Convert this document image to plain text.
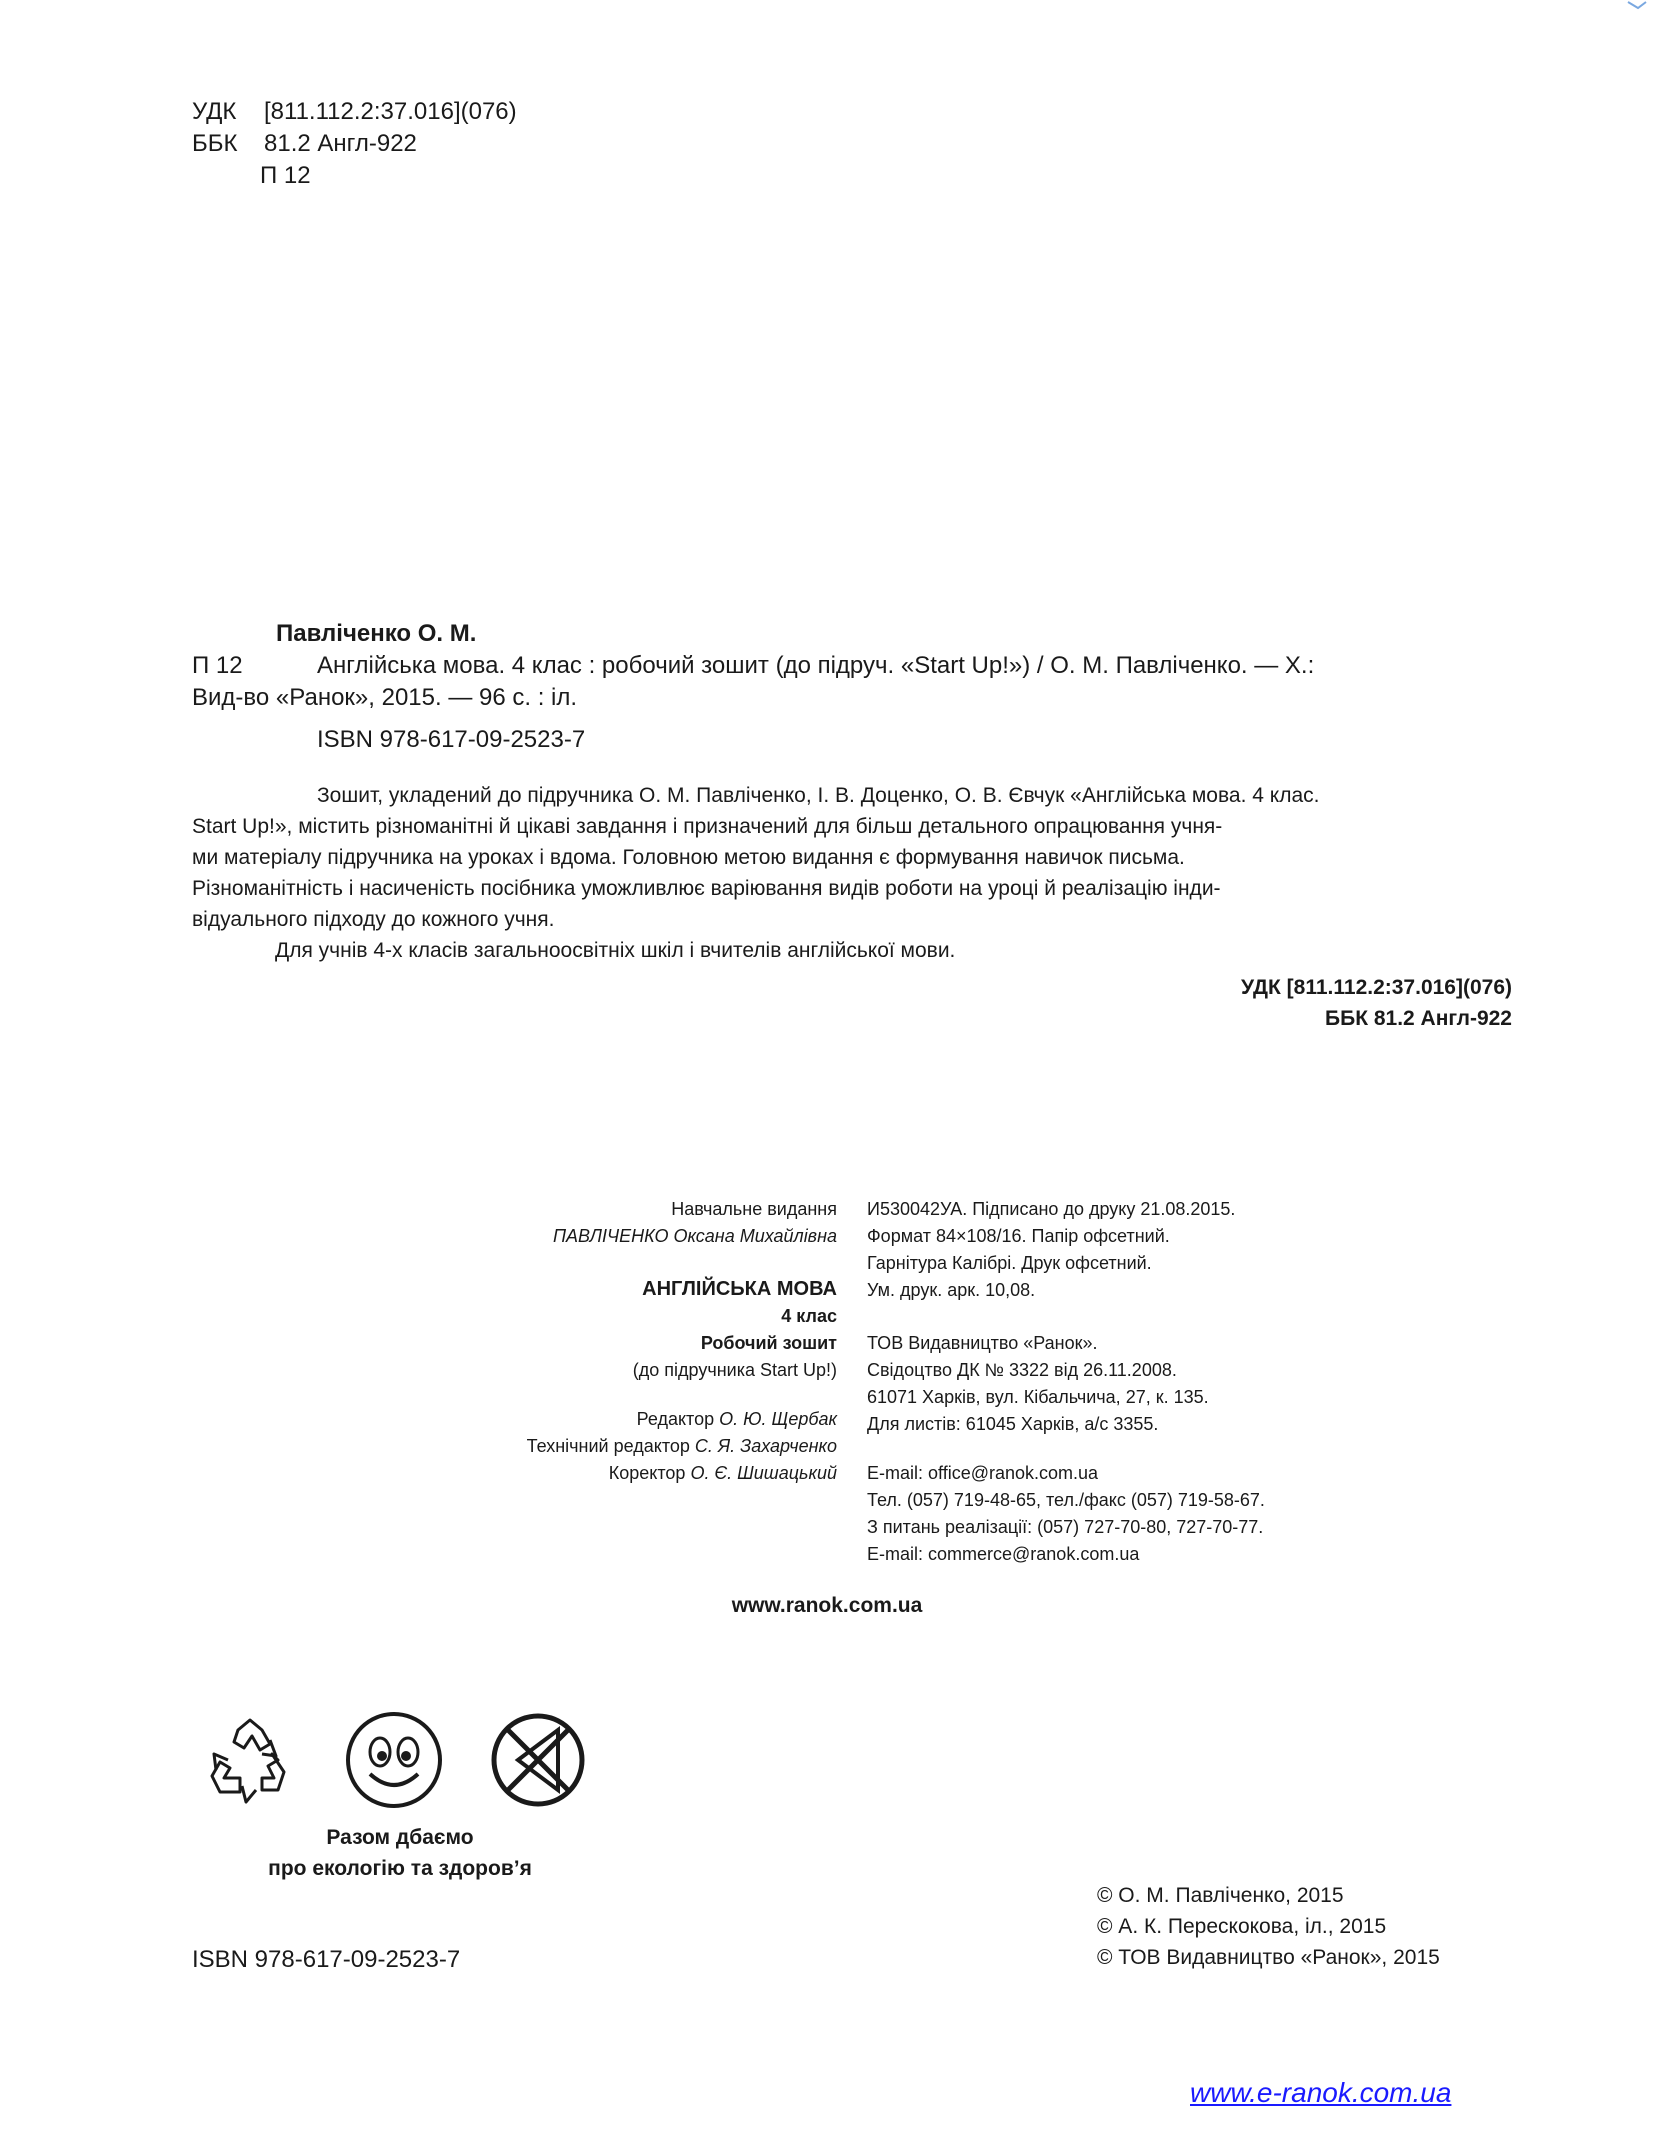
УДК	[811.112.2:37.016](076)
ББК	81.2 Англ-922
П 12
Павліченко О. М.
П 12	Англійська мова. 4 клас : робочий зошит (до підруч. «Start Up!») / О. М. Павліченко. — Х.:
Вид-во «Ранок», 2015. — 96 с. : іл.
ISBN 978-617-09-2523-7

Зошит, укладений до підручника О. М. Павліченко, І. В. Доценко, О. В. Євчук «Англійська мова. 4 клас.

Start Up!», містить різноманітні й цікаві завдання і призначений для більш детального опрацювання учня-

ми матеріалу підручника на уроках і вдома. Головною метою видання є формування навичок письма.

Різноманітність і насиченість посібника уможливлює варіювання видів роботи на уроці й реалізацію інди-

відуального підходу до кожного учня.

Для учнів 4-х класів загальноосвітніх шкіл і вчителів англійської мови.

УДК [811.112.2:37.016](076)
ББК 81.2 Англ-922
Навчальне видання
ПАВЛІЧЕНКО Оксана Михайлівна
АНГЛІЙСЬКА МОВА
4 клас
Робочий зошит
(до підручника Start Up!)
Редактор О. Ю. Щербак
Технічний редактор С. Я. Захарченко
Коректор О. Є. Шишацький
И530042УА. Підписано до друку 21.08.2015.
Формат 84×108/16. Папір офсетний.
Гарнітура Калібрі. Друк офсетний.
Ум. друк. арк. 10,08.
ТОВ Видавництво «Ранок».
Свідоцтво ДК № 3322 від 26.11.2008.
61071 Харків, вул. Кібальчича, 27, к. 135.
Для листів: 61045 Харків, а/с 3355.
E-mail: office@ranok.com.ua
Тел. (057) 719-48-65, тел./факс (057) 719-58-67.
З питань реалізації: (057) 727-70-80, 727-70-77.
E-mail: commerce@ranok.com.ua
www.ranok.com.ua
Разом дбаємо
про екологію та здоров’я
© О. М. Павліченко, 2015
© А. К. Перескокова, іл., 2015
© ТОВ Видавництво «Ранок», 2015
ISBN 978-617-09-2523-7
www.e-ranok.com.ua
